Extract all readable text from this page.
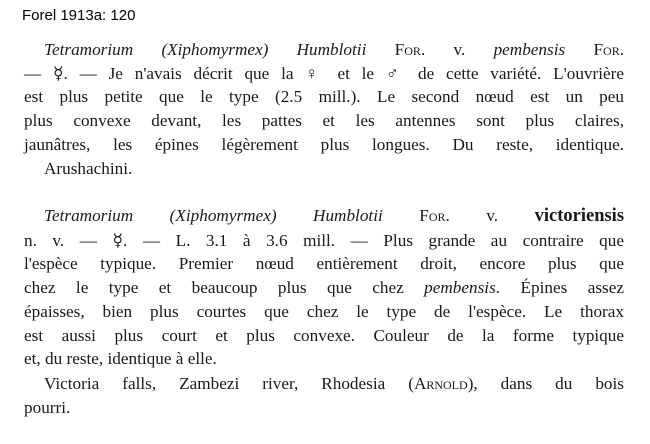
Forel 1913a: 120
Tetramorium (Xiphomyrmex) Humblotii For. v. pembensis For.
— ☿. — Je n'avais décrit que la ♀ et le ♂ de cette variété. L'ouvrière
est plus petite que le type (2.5 mill.). Le second nœud est un peu
plus convexe devant, les pattes et les antennes sont plus claires,
jaunâtres, les épines légèrement plus longues. Du reste, identique.
Arushachini.
Tetramorium (Xiphomyrmex) Humblotii For. v. victoriensis
n. v. — ☿. — L. 3.1 à 3.6 mill. — Plus grande au contraire que
l'espèce typique. Premier nœud entièrement droit, encore plus que
chez le type et beaucoup plus que chez pembensis. Épines assez
épaisses, bien plus courtes que chez le type de l'espèce. Le thorax
est aussi plus court et plus convexe. Couleur de la forme typique
et, du reste, identique à elle.
Victoria falls, Zambezi river, Rhodesia (Arnold), dans du bois
pourri.
